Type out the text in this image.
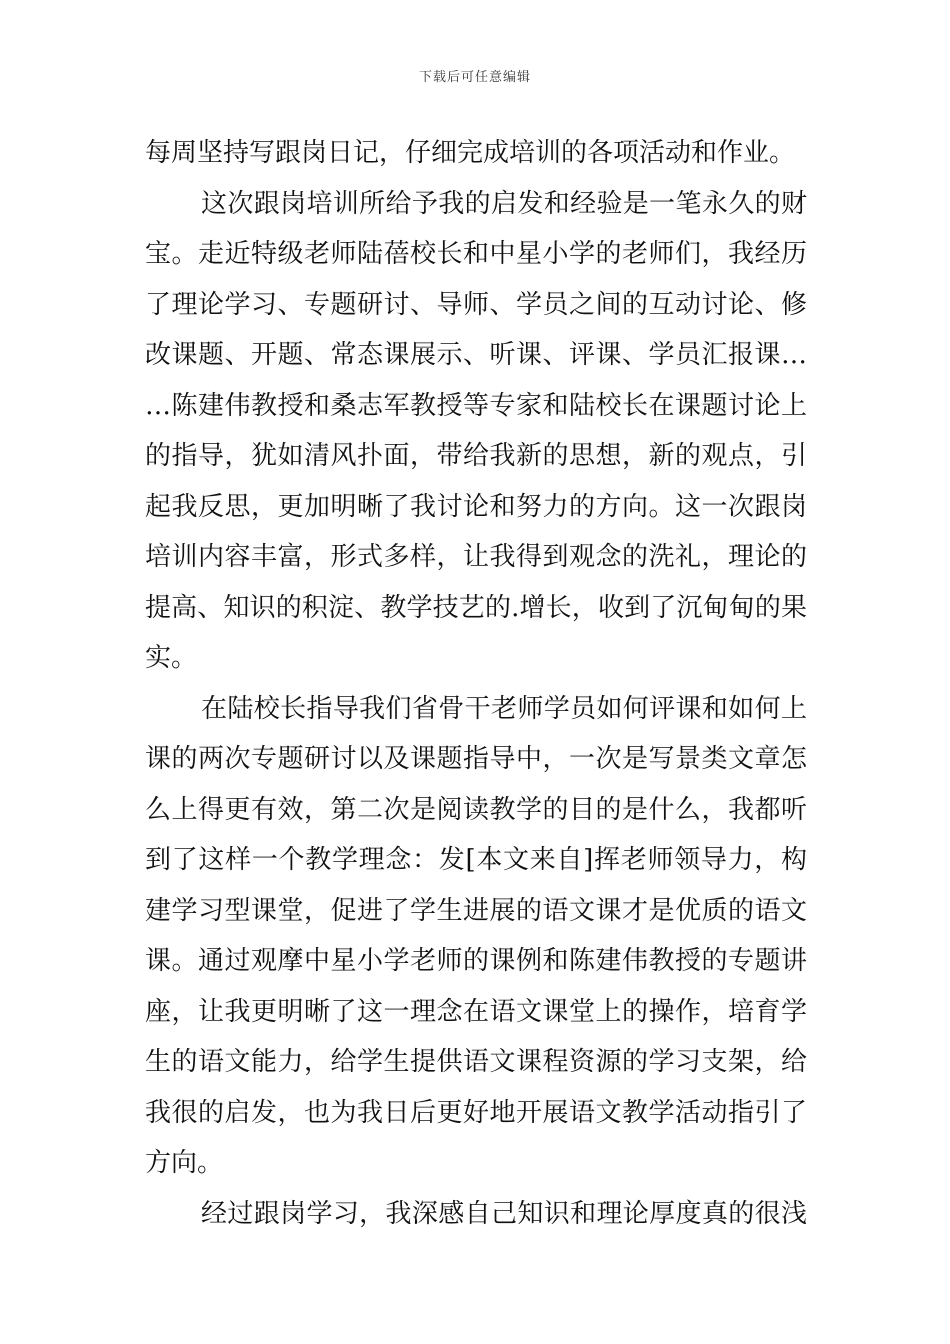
下载后可任意编辑
每周坚持写跟岗日记，仔细完成培训的各项活动和作业。
这次跟岗培训所给予我的启发和经验是一笔永久的财
宝。走近特级老师陆蓓校长和中星小学的老师们，我经历
了理论学习、专题研讨、导师、学员之间的互动讨论、修
改课题、开题、常态课展示、听课、评课、学员汇报课…
…陈建伟教授和桑志军教授等专家和陆校长在课题讨论上
的指导，犹如清风扑面，带给我新的思想，新的观点，引
起我反思，更加明晰了我讨论和努力的方向。这一次跟岗
培训内容丰富，形式多样，让我得到观念的洗礼，理论的
提高、知识的积淀、教学技艺的.增长，收到了沉甸甸的果
实。
在陆校长指导我们省骨干老师学员如何评课和如何上
课的两次专题研讨以及课题指导中，一次是写景类文章怎
么上得更有效，第二次是阅读教学的目的是什么，我都听
到了这样一个教学理念：发[本文来自]挥老师领导力，构
建学习型课堂，促进了学生进展的语文课才是优质的语文
课。通过观摩中星小学老师的课例和陈建伟教授的专题讲
座，让我更明晰了这一理念在语文课堂上的操作，培育学
生的语文能力，给学生提供语文课程资源的学习支架，给
我很的启发，也为我日后更好地开展语文教学活动指引了
方向。
经过跟岗学习，我深感自己知识和理论厚度真的很浅
